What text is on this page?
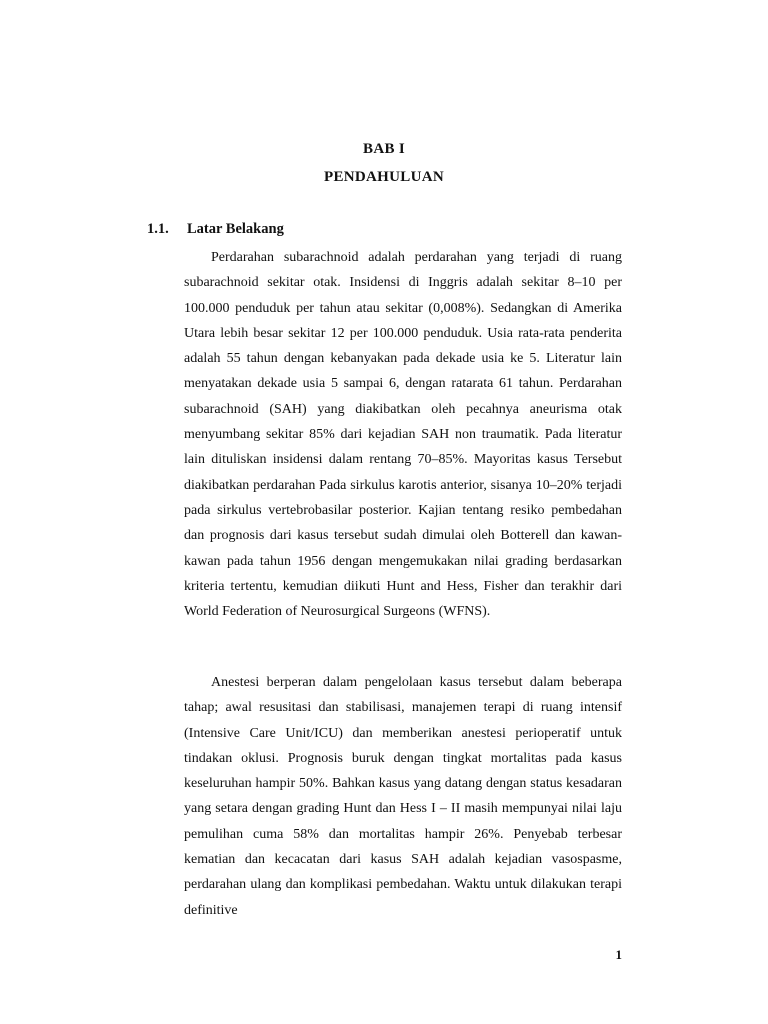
BAB I
PENDAHULUAN
1.1. Latar Belakang

Perdarahan subarachnoid adalah perdarahan yang terjadi di ruang subarachnoid sekitar otak. Insidensi di Inggris adalah sekitar 8–10 per 100.000 penduduk per tahun atau sekitar (0,008%). Sedangkan di Amerika Utara lebih besar sekitar 12 per 100.000 penduduk. Usia rata-rata penderita adalah 55 tahun dengan kebanyakan pada dekade usia ke 5. Literatur lain menyatakan dekade usia 5 sampai 6, dengan ratarata 61 tahun. Perdarahan subarachnoid (SAH) yang diakibatkan oleh pecahnya aneurisma otak menyumbang sekitar 85% dari kejadian SAH non traumatik. Pada literatur lain dituliskan insidensi dalam rentang 70–85%. Mayoritas kasus Tersebut diakibatkan perdarahan Pada sirkulus karotis anterior, sisanya 10–20% terjadi pada sirkulus vertebrobasilar posterior. Kajian tentang resiko pembedahan dan prognosis dari kasus tersebut sudah dimulai oleh Botterell dan kawan-kawan pada tahun 1956 dengan mengemukakan nilai grading berdasarkan kriteria tertentu, kemudian diikuti Hunt and Hess, Fisher dan terakhir dari World Federation of Neurosurgical Surgeons (WFNS).

Anestesi berperan dalam pengelolaan kasus tersebut dalam beberapa tahap; awal resusitasi dan stabilisasi, manajemen terapi di ruang intensif (Intensive Care Unit/ICU) dan memberikan anestesi perioperatif untuk tindakan oklusi. Prognosis buruk dengan tingkat mortalitas pada kasus keseluruhan hampir 50%. Bahkan kasus yang datang dengan status kesadaran yang setara dengan grading Hunt dan Hess I – II masih mempunyai nilai laju pemulihan cuma 58% dan mortalitas hampir 26%. Penyebab terbesar kematian dan kecacatan dari kasus SAH adalah kejadian vasospasme, perdarahan ulang dan komplikasi pembedahan. Waktu untuk dilakukan terapi definitive

1
